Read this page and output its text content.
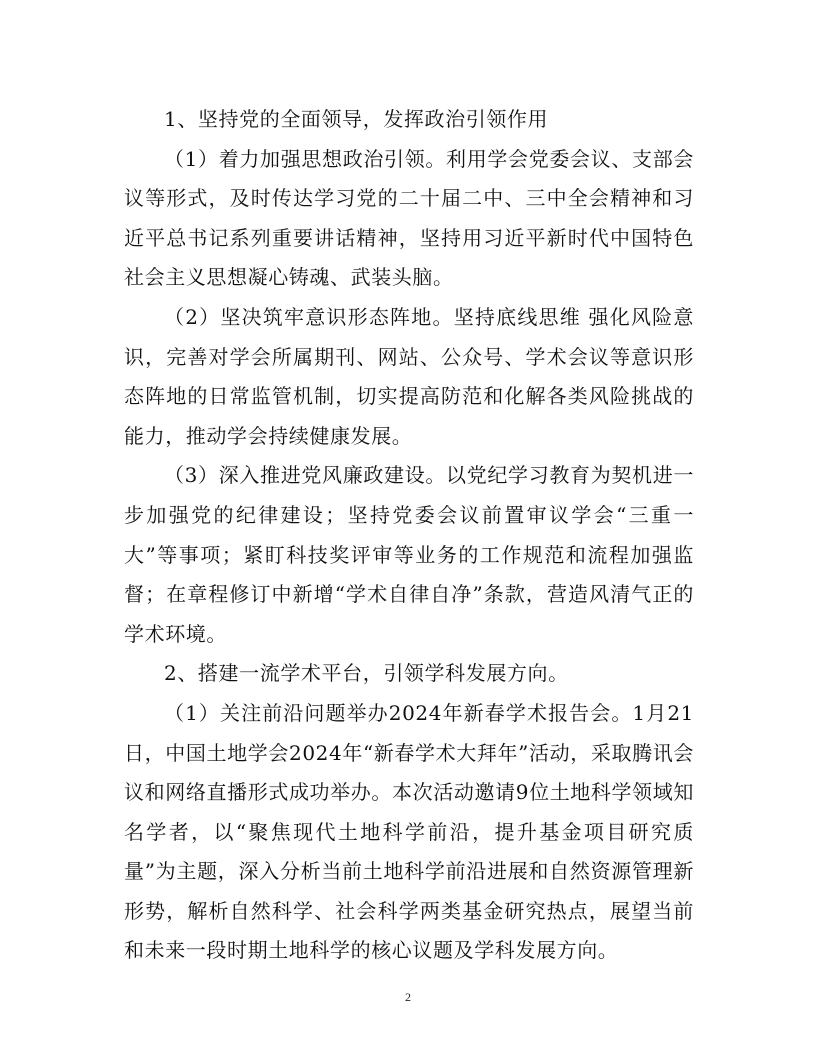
1、坚持党的全面领导，发挥政治引领作用

（1）着力加强思想政治引领。利用学会党委会议、支部会议等形式，及时传达学习党的二十届二中、三中全会精神和习近平总书记系列重要讲话精神，坚持用习近平新时代中国特色社会主义思想凝心铸魂、武装头脑。

（2）坚决筑牢意识形态阵地。坚持底线思维 强化风险意识，完善对学会所属期刊、网站、公众号、学术会议等意识形态阵地的日常监管机制，切实提高防范和化解各类风险挑战的能力，推动学会持续健康发展。

（3）深入推进党风廉政建设。以党纪学习教育为契机进一步加强党的纪律建设；坚持党委会议前置审议学会“三重一大”等事项；紧盯科技奖评审等业务的工作规范和流程加强监督；在章程修订中新增“学术自律自净”条款，营造风清气正的学术环境。

2、搭建一流学术平台，引领学科发展方向。

（1）关注前沿问题举办2024年新春学术报告会。1月21日，中国土地学会2024年“新春学术大拜年”活动，采取腾讯会议和网络直播形式成功举办。本次活动邀请9位土地科学领域知名学者，以“聚焦现代土地科学前沿，提升基金项目研究质量”为主题，深入分析当前土地科学前沿进展和自然资源管理新形势，解析自然科学、社会科学两类基金研究热点，展望当前和未来一段时期土地科学的核心议题及学科发展方向。

2
